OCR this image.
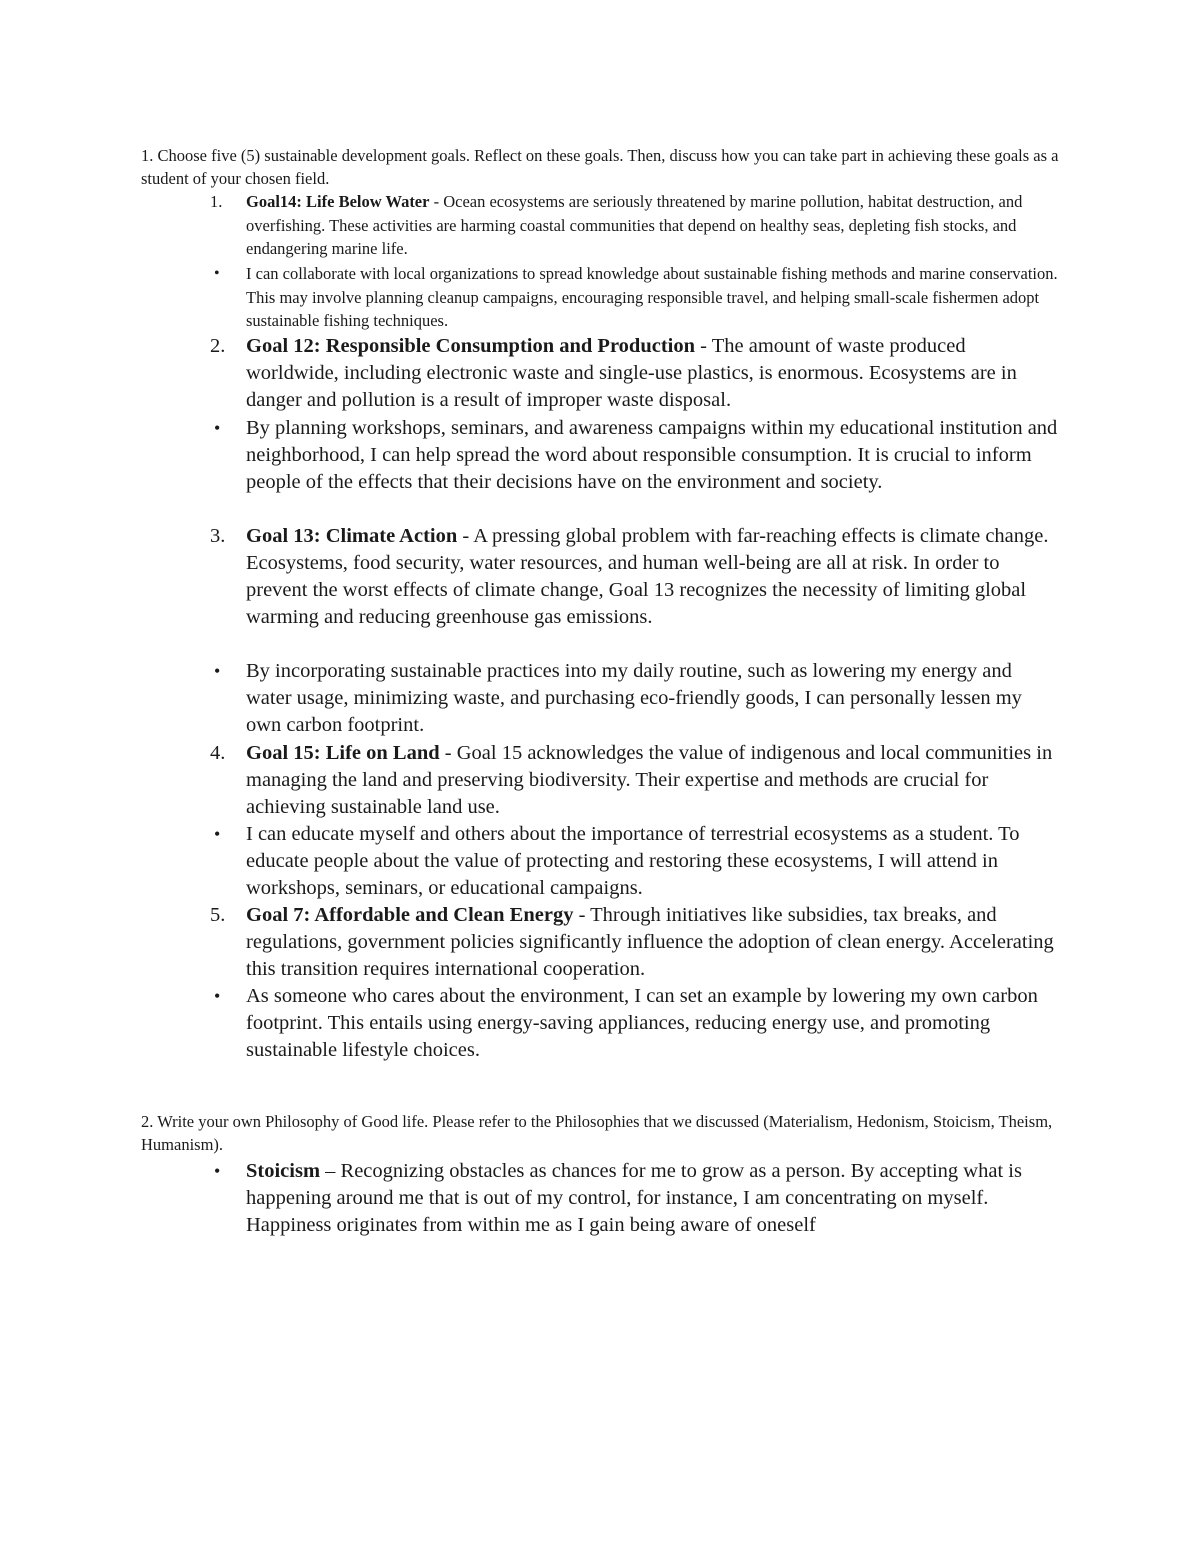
1. Choose five (5) sustainable development goals. Reflect on these goals. Then, discuss how you can take part in achieving these goals as a student of your chosen field.

1. Goal14: Life Below Water - Ocean ecosystems are seriously threatened by marine pollution, habitat destruction, and overfishing. These activities are harming coastal communities that depend on healthy seas, depleting fish stocks, and endangering marine life.
• I can collaborate with local organizations to spread knowledge about sustainable fishing methods and marine conservation. This may involve planning cleanup campaigns, encouraging responsible travel, and helping small-scale fishermen adopt sustainable fishing techniques.
2. Goal 12: Responsible Consumption and Production - The amount of waste produced worldwide, including electronic waste and single-use plastics, is enormous. Ecosystems are in danger and pollution is a result of improper waste disposal.
• By planning workshops, seminars, and awareness campaigns within my educational institution and neighborhood, I can help spread the word about responsible consumption. It is crucial to inform people of the effects that their decisions have on the environment and society.
3. Goal 13: Climate Action - A pressing global problem with far-reaching effects is climate change. Ecosystems, food security, water resources, and human well-being are all at risk. In order to prevent the worst effects of climate change, Goal 13 recognizes the necessity of limiting global warming and reducing greenhouse gas emissions.
• By incorporating sustainable practices into my daily routine, such as lowering my energy and water usage, minimizing waste, and purchasing eco-friendly goods, I can personally lessen my own carbon footprint.
4. Goal 15: Life on Land - Goal 15 acknowledges the value of indigenous and local communities in managing the land and preserving biodiversity. Their expertise and methods are crucial for achieving sustainable land use.
• I can educate myself and others about the importance of terrestrial ecosystems as a student. To educate people about the value of protecting and restoring these ecosystems, I will attend in workshops, seminars, or educational campaigns.
5. Goal 7: Affordable and Clean Energy - Through initiatives like subsidies, tax breaks, and regulations, government policies significantly influence the adoption of clean energy. Accelerating this transition requires international cooperation.
• As someone who cares about the environment, I can set an example by lowering my own carbon footprint. This entails using energy-saving appliances, reducing energy use, and promoting sustainable lifestyle choices.

2. Write your own Philosophy of Good life. Please refer to the Philosophies that we discussed (Materialism, Hedonism, Stoicism, Theism, Humanism).

• Stoicism – Recognizing obstacles as chances for me to grow as a person. By accepting what is happening around me that is out of my control, for instance, I am concentrating on myself. Happiness originates from within me as I gain being aware of oneself
